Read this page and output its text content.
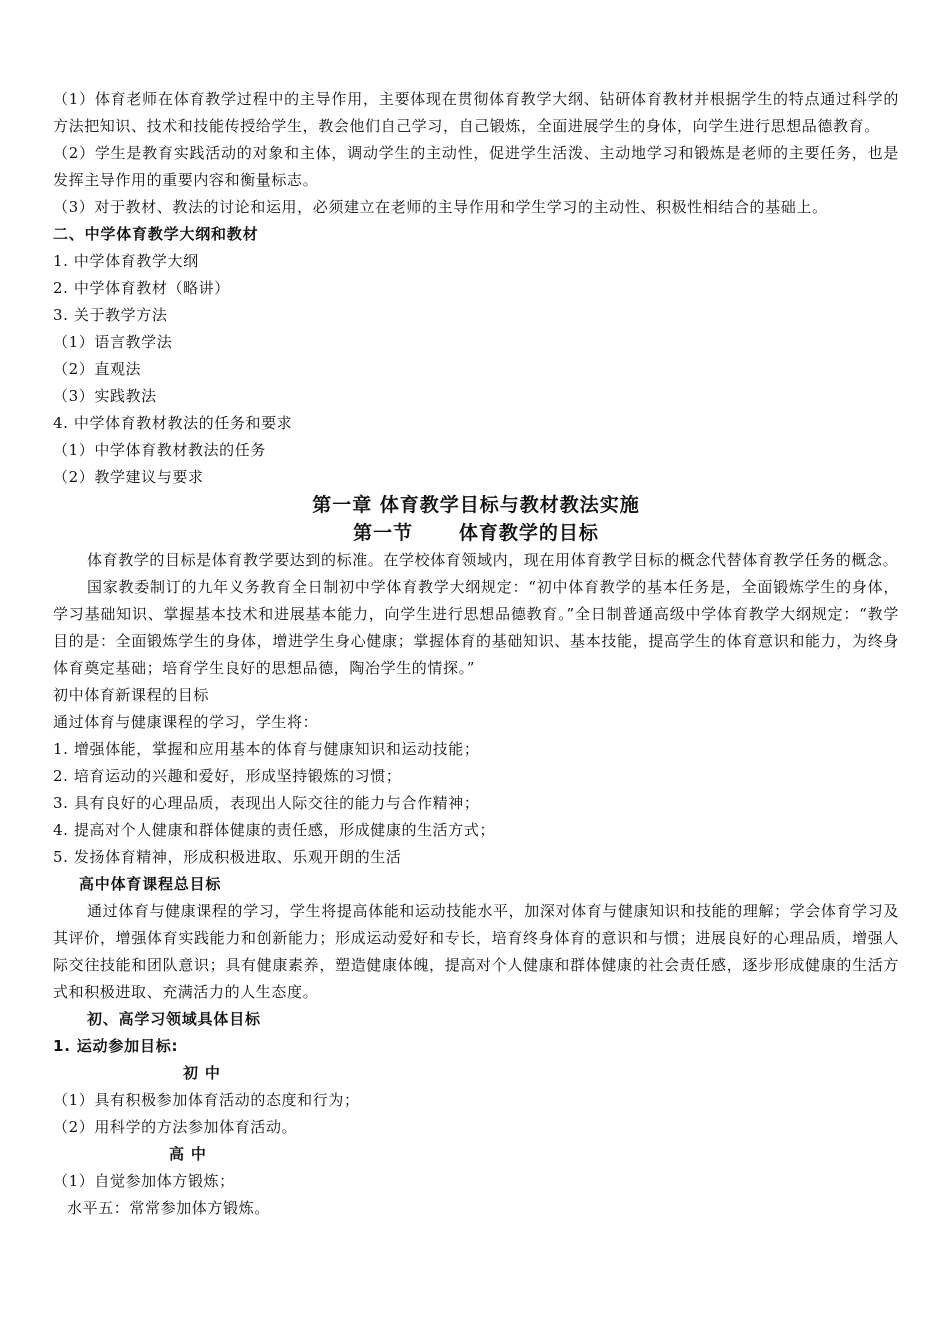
（1）体育老师在体育教学过程中的主导作用，主要体现在贯彻体育教学大纲、钻研体育教材并根据学生的特点通过科学的方法把知识、技术和技能传授给学生，教会他们自己学习，自己锻炼，全面进展学生的身体，向学生进行思想品德教育。

（2）学生是教育实践活动的对象和主体，调动学生的主动性，促进学生活泼、主动地学习和锻炼是老师的主要任务，也是发挥主导作用的重要内容和衡量标志。

（3）对于教材、教法的讨论和运用，必须建立在老师的主导作用和学生学习的主动性、积极性相结合的基础上。

二、中学体育教学大纲和教材
1. 中学体育教学大纲
2. 中学体育教材（略讲）
3. 关于教学方法
（1）语言教学法
（2）直观法
（3）实践教法
4. 中学体育教材教法的任务和要求
（1）中学体育教材教法的任务
（2）教学建议与要求
第一章 体育教学目标与教材教法实施
第一节      体育教学的目标

体育教学的目标是体育教学要达到的标准。在学校体育领域内，现在用体育教学目标的概念代替体育教学任务的概念。

国家教委制订的九年义务教育全日制初中学体育教学大纲规定：“初中体育教学的基本任务是，全面锻炼学生的身体，学习基础知识、掌握基本技术和进展基本能力，向学生进行思想品德教育。”全日制普通高级中学体育教学大纲规定：“教学目的是：全面锻炼学生的身体，增进学生身心健康；掌握体育的基础知识、基本技能，提高学生的体育意识和能力，为终身体育奠定基础；培育学生良好的思想品德，陶冶学生的情探。”

初中体育新课程的目标
通过体育与健康课程的学习，学生将：
1. 增强体能，掌握和应用基本的体育与健康知识和运动技能；
2. 培育运动的兴趣和爱好，形成坚持锻炼的习惯；
3. 具有良好的心理品质，表现出人际交往的能力与合作精神；
4. 提高对个人健康和群体健康的责任感，形成健康的生活方式；
5. 发扬体育精神，形成积极进取、乐观开朗的生活
高中体育课程总目标

通过体育与健康课程的学习，学生将提高体能和运动技能水平，加深对体育与健康知识和技能的理解；学会体育学习及其评价，增强体育实践能力和创新能力；形成运动爱好和专长，培育终身体育的意识和与惯；进展良好的心理品质，增强人际交往技能和团队意识；具有健康素养，塑造健康体魄，提高对个人健康和群体健康的社会责任感，逐步形成健康的生活方式和积极进取、充满活力的人生态度。

初、高学习领域具体目标
1. 运动参加目标:
初 中
（1）具有积极参加体育活动的态度和行为；
（2）用科学的方法参加体育活动。
高 中
（1）自觉参加体方锻炼；
水平五：常常参加体方锻炼。
